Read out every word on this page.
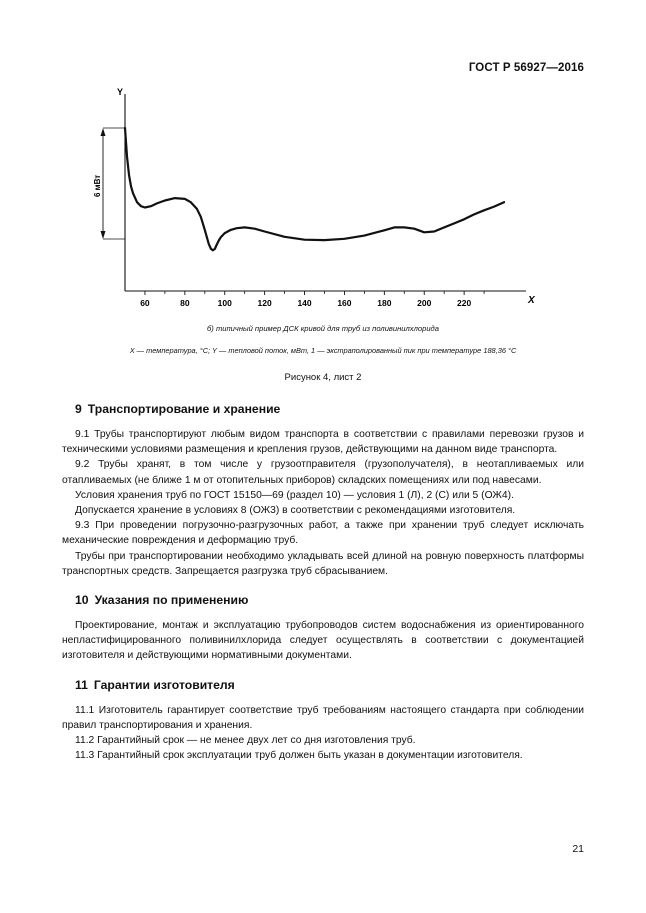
ГОСТ Р 56927—2016
Y
X
6 мВт
60	80	100	120	140	160	180	200	220
б) типичный пример ДСК кривой для труб из поливинилхлорида
X — температура, °C; Y — тепловой поток, мВт, 1 — экстраполированный пик при температуре 188,36 °C
Рисунок 4, лист 2
9 Транспортирование и хранение

9.1 Трубы транспортируют любым видом транспорта в соответствии с правилами перевозки грузов и техническими условиями размещения и крепления грузов, действующими на данном виде транспорта.

9.2 Трубы хранят, в том числе у грузоотправителя (грузополучателя), в неотапливаемых или отапливаемых (не ближе 1 м от отопительных приборов) складских помещениях или под навесами.

Условия хранения труб по ГОСТ 15150—69 (раздел 10) — условия 1 (Л), 2 (С) или 5 (ОЖ4).

Допускается хранение в условиях 8 (ОЖ3) в соответствии с рекомендациями изготовителя.

9.3 При проведении погрузочно-разгрузочных работ, а также при хранении труб следует исключать механические повреждения и деформацию труб.

Трубы при транспортировании необходимо укладывать всей длиной на ровную поверхность платформы транспортных средств. Запрещается разгрузка труб сбрасыванием.

10 Указания по применению

Проектирование, монтаж и эксплуатацию трубопроводов систем водоснабжения из ориентированного непластифицированного поливинилхлорида следует осуществлять в соответствии с документацией изготовителя и действующими нормативными документами.

11 Гарантии изготовителя

11.1 Изготовитель гарантирует соответствие труб требованиям настоящего стандарта при соблюдении правил транспортирования и хранения.

11.2 Гарантийный срок — не менее двух лет со дня изготовления труб.

11.3 Гарантийный срок эксплуатации труб должен быть указан в документации изготовителя.

21
